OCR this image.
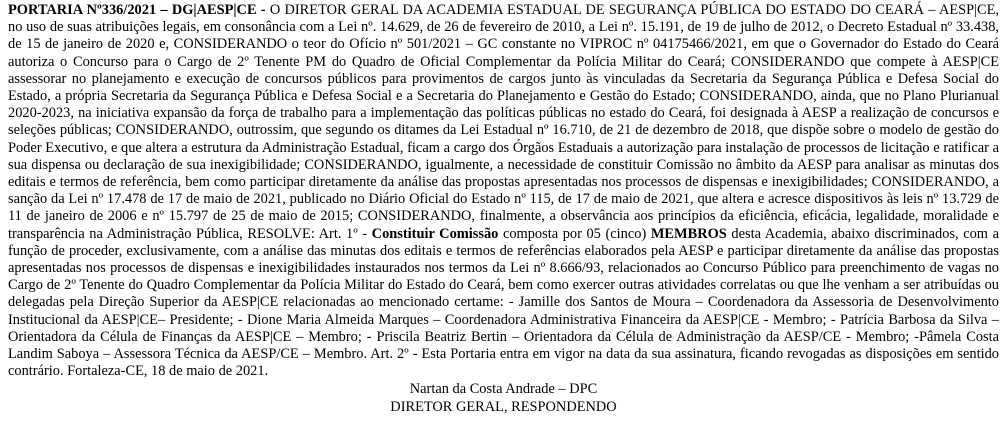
PORTARIA Nº336/2021 – DG|AESP|CE - O DIRETOR GERAL DA ACADEMIA ESTADUAL DE SEGURANÇA PÚBLICA DO ESTADO DO CEARÁ – AESP|CE, no uso de suas atribuições legais, em consonância com a Lei nº. 14.629, de 26 de fevereiro de 2010, a Lei nº. 15.191, de 19 de julho de 2012, o Decreto Estadual nº 33.438, de 15 de janeiro de 2020 e, CONSIDERANDO o teor do Ofício nº 501/2021 – GC constante no VIPROC nº 04175466/2021, em que o Governador do Estado do Ceará autoriza o Concurso para o Cargo de 2º Tenente PM do Quadro de Oficial Complementar da Polícia Militar do Ceará; CONSIDERANDO que compete à AESP|CE assessorar no planejamento e execução de concursos públicos para provimentos de cargos junto às vinculadas da Secretaria da Segurança Pública e Defesa Social do Estado, a própria Secretaria da Segurança Pública e Defesa Social e a Secretaria do Planejamento e Gestão do Estado; CONSIDERANDO, ainda, que no Plano Plurianual 2020-2023, na iniciativa expansão da força de trabalho para a implementação das políticas públicas no estado do Ceará, foi designada à AESP a realização de concursos e seleções públicas; CONSIDERANDO, outrossim, que segundo os ditames da Lei Estadual nº 16.710, de 21 de dezembro de 2018, que dispõe sobre o modelo de gestão do Poder Executivo, e que altera a estrutura da Administração Estadual, ficam a cargo dos Órgãos Estaduais a autorização para instalação de processos de licitação e ratificar a sua dispensa ou declaração de sua inexigibilidade; CONSIDERANDO, igualmente, a necessidade de constituir Comissão no âmbito da AESP para analisar as minutas dos editais e termos de referência, bem como participar diretamente da análise das propostas apresentadas nos processos de dispensas e inexigibilidades; CONSIDERANDO, a sanção da Lei nº 17.478 de 17 de maio de 2021, publicado no Diário Oficial do Estado nº 115, de 17 de maio de 2021, que altera e acresce dispositivos às leis nº 13.729 de 11 de janeiro de 2006 e nº 15.797 de 25 de maio de 2015; CONSIDERANDO, finalmente, a observância aos princípios da eficiência, eficácia, legalidade, moralidade e transparência na Administração Pública, RESOLVE: Art. 1º - Constituir Comissão composta por 05 (cinco) MEMBROS desta Academia, abaixo discriminados, com a função de proceder, exclusivamente, com a análise das minutas dos editais e termos de referências elaborados pela AESP e participar diretamente da análise das propostas apresentadas nos processos de dispensas e inexigibilidades instaurados nos termos da Lei nº 8.666/93, relacionados ao Concurso Público para preenchimento de vagas no Cargo de 2º Tenente do Quadro Complementar da Polícia Militar do Estado do Ceará, bem como exercer outras atividades correlatas ou que lhe venham a ser atribuídas ou delegadas pela Direção Superior da AESP|CE relacionadas ao mencionado certame: - Jamille dos Santos de Moura – Coordenadora da Assessoria de Desenvolvimento Institucional da AESP|CE– Presidente; - Dione Maria Almeida Marques – Coordenadora Administrativa Financeira da AESP|CE - Membro; - Patrícia Barbosa da Silva – Orientadora da Célula de Finanças da AESP|CE – Membro; - Priscila Beatriz Bertin – Orientadora da Célula de Administração da AESP/CE - Membro; -Pâmela Costa Landim Saboya – Assessora Técnica da AESP/CE – Membro. Art. 2º - Esta Portaria entra em vigor na data da sua assinatura, ficando revogadas as disposições em sentido contrário. Fortaleza-CE, 18 de maio de 2021.

Nartan da Costa Andrade – DPC
DIRETOR GERAL, RESPONDENDO
